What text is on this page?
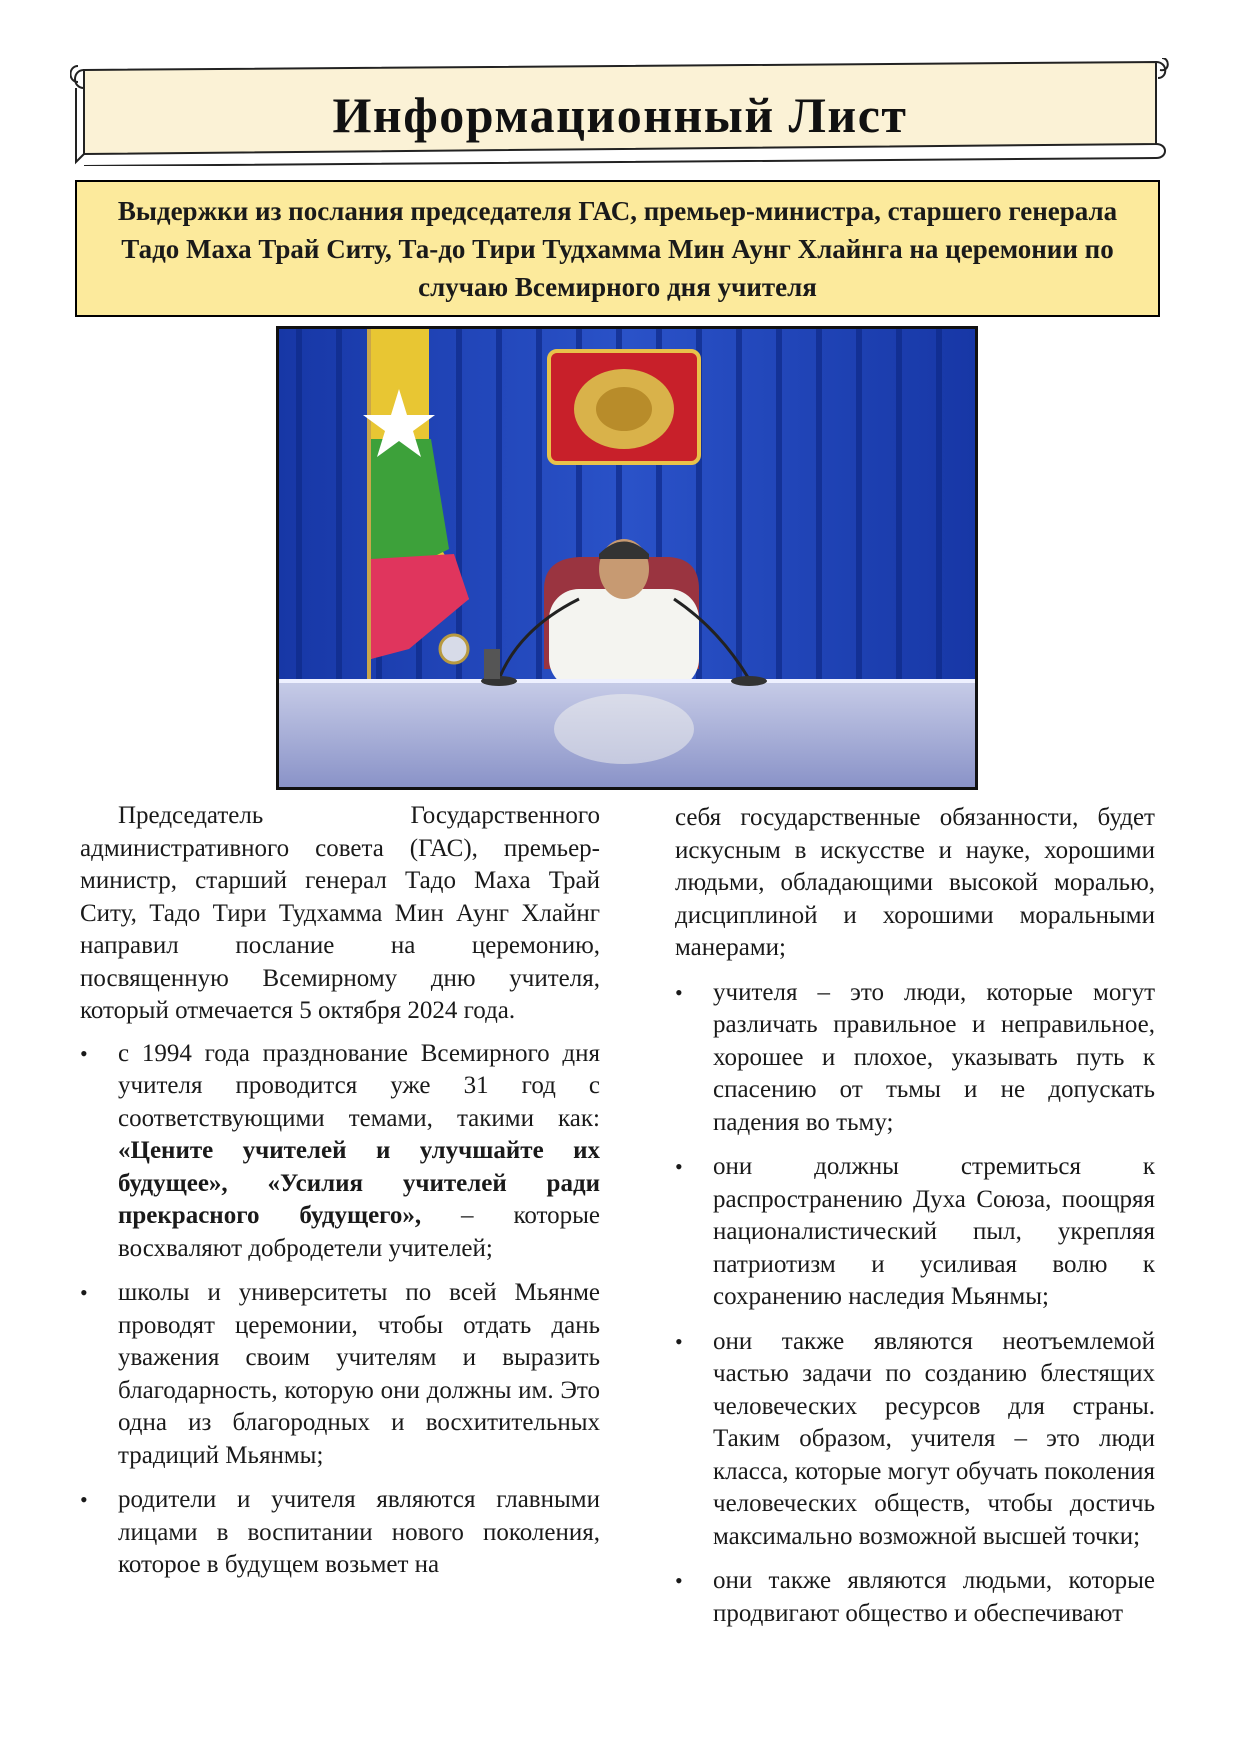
Информационный Лист
Выдержки из послания председателя ГАС, премьер-министра, старшего генерала Тадо Маха Трай Ситу, Та-до Тири Тудхамма Мин Аунг Хлайнга на церемонии по случаю Всемирного дня учителя

Председатель Государственного административного совета (ГАС), премьер-министр, старший генерал Тадо Маха Трай Ситу, Тадо Тири Тудхамма Мин Аунг Хлайнг направил послание на церемонию, посвященную Всемирному дню учителя, который отмечается 5 октября 2024 года.

•	с 1994 года празднование Всемирного дня учителя проводится уже 31 год с соответствующими темами, такими как: «Цените учителей и улучшайте их будущее», «Усилия учителей ради прекрасного будущего», – которые восхваляют добродетели учителей;
•	школы и университеты по всей Мьянме проводят церемонии, чтобы отдать дань уважения своим учителям и выразить благодарность, которую они должны им. Это одна из благородных и восхитительных традиций Мьянмы;
•	родители и учителя являются главными лицами в воспитании нового поколения, которое в будущем возьмет на

себя государственные обязанности, будет искусным в искусстве и науке, хорошими людьми, обладающими высокой моралью, дисциплиной и хорошими моральными манерами;

•	учителя – это люди, которые могут различать правильное и неправильное, хорошее и плохое, указывать путь к спасению от тьмы и не допускать падения во тьму;
•	они должны стремиться к распространению Духа Союза, поощряя националистический пыл, укрепляя патриотизм и усиливая волю к сохранению наследия Мьянмы;
•	они также являются неотъемлемой частью задачи по созданию блестящих человеческих ресурсов для страны. Таким образом, учителя – это люди класса, которые могут обучать поколения человеческих обществ, чтобы достичь максимально возможной высшей точки;
•	они также являются людьми, которые продвигают общество и обеспечивают
